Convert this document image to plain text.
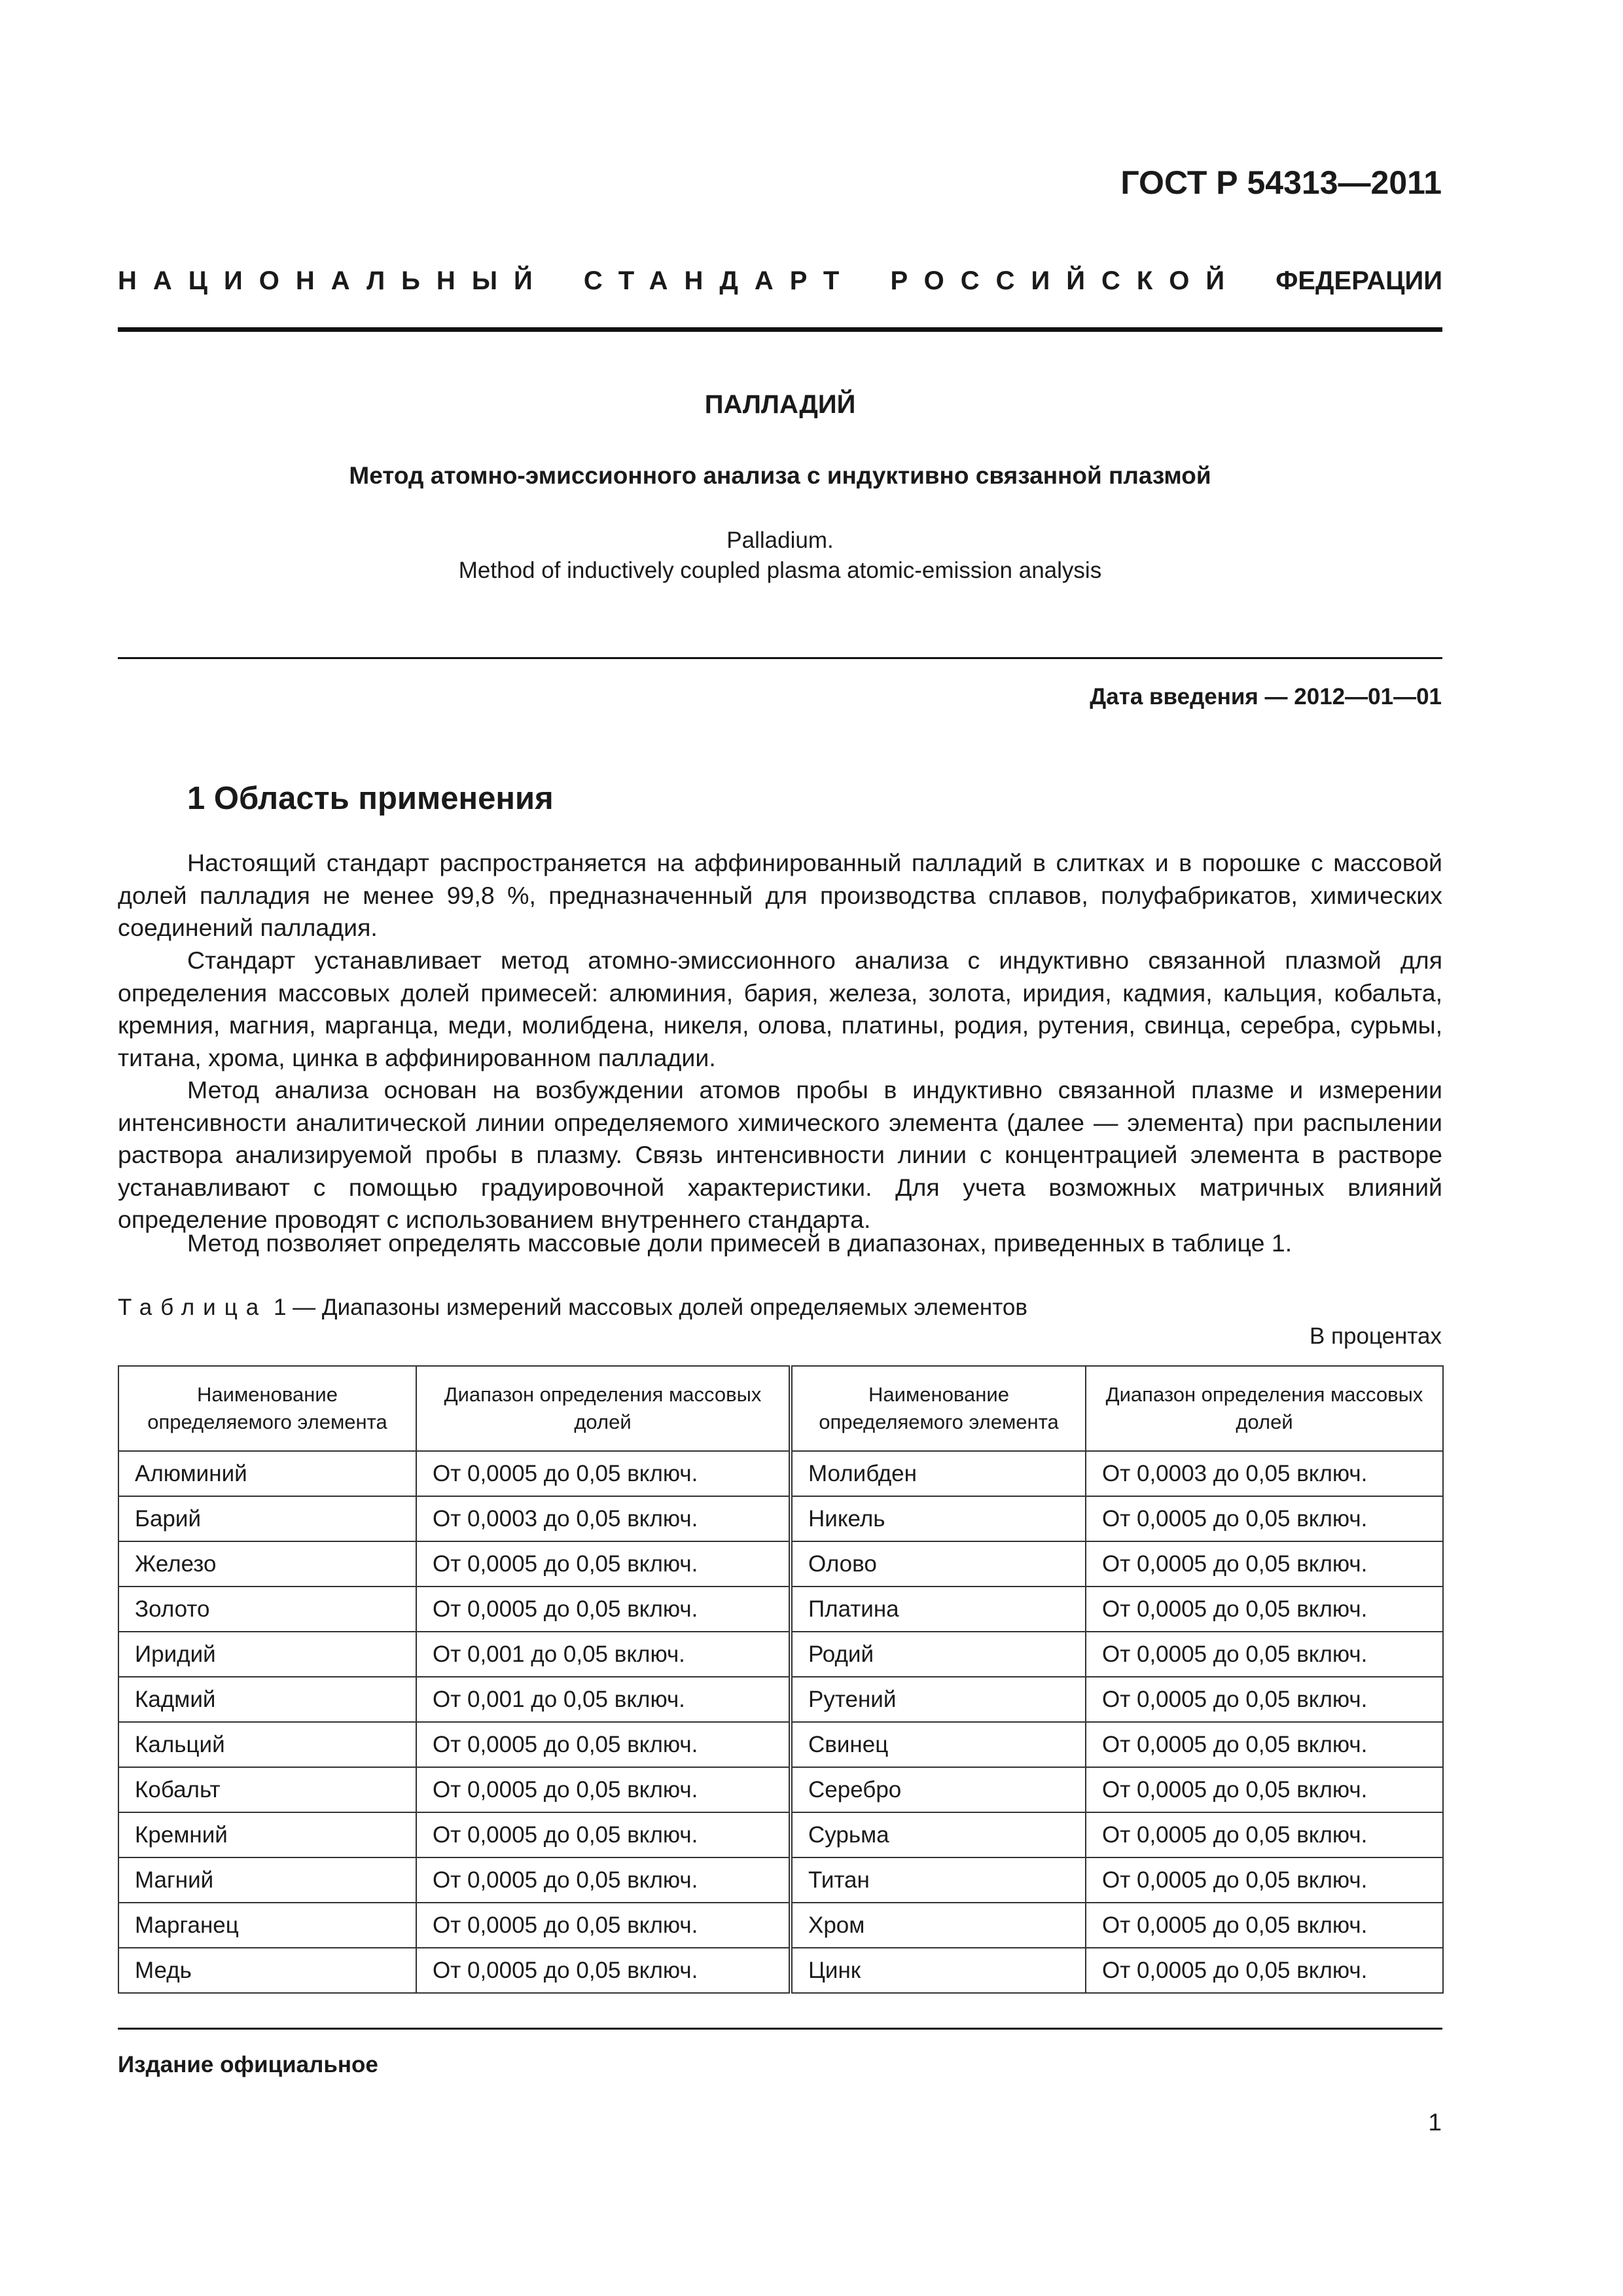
ГОСТ Р 54313—2011
НАЦИОНАЛЬНЫЙ СТАНДАРТ РОССИЙСКОЙ ФЕДЕРАЦИИ
ПАЛЛАДИЙ
Метод атомно-эмиссионного анализа с индуктивно связанной плазмой
Palladium.
Method of inductively coupled plasma atomic-emission analysis
Дата введения — 2012—01—01
1 Область применения

Настоящий стандарт распространяется на аффинированный палладий в слитках и в порошке с массовой долей палладия не менее 99,8 %, предназначенный для производства сплавов, полуфабрикатов, химических соединений палладия.

Стандарт устанавливает метод атомно-эмиссионного анализа с индуктивно связанной плазмой для определения массовых долей примесей: алюминия, бария, железа, золота, иридия, кадмия, кальция, кобальта, кремния, магния, марганца, меди, молибдена, никеля, олова, платины, родия, рутения, свинца, серебра, сурьмы, титана, хрома, цинка в аффинированном палладии.

Метод анализа основан на возбуждении атомов пробы в индуктивно связанной плазме и измерении интенсивности аналитической линии определяемого химического элемента (далее — элемента) при распылении раствора анализируемой пробы в плазму. Связь интенсивности линии с концентрацией элемента в растворе устанавливают с помощью градуировочной характеристики. Для учета возможных матричных влияний определение проводят с использованием внутреннего стандарта.

Метод позволяет определять массовые доли примесей в диапазонах, приведенных в таблице 1.

Таблица 1 — Диапазоны измерений массовых долей определяемых элементов
В процентах
Наименование определяемого элемента	Диапазон определения массовых долей	Наименование определяемого элемента	Диапазон определения массовых долей
Алюминий	От 0,0005 до 0,05 включ.	Молибден	От 0,0003 до 0,05 включ.
Барий	От 0,0003 до 0,05 включ.	Никель	От 0,0005 до 0,05 включ.
Железо	От 0,0005 до 0,05 включ.	Олово	От 0,0005 до 0,05 включ.
Золото	От 0,0005 до 0,05 включ.	Платина	От 0,0005 до 0,05 включ.
Иридий	От 0,001 до 0,05 включ.	Родий	От 0,0005 до 0,05 включ.
Кадмий	От 0,001 до 0,05 включ.	Рутений	От 0,0005 до 0,05 включ.
Кальций	От 0,0005 до 0,05 включ.	Свинец	От 0,0005 до 0,05 включ.
Кобальт	От 0,0005 до 0,05 включ.	Серебро	От 0,0005 до 0,05 включ.
Кремний	От 0,0005 до 0,05 включ.	Сурьма	От 0,0005 до 0,05 включ.
Магний	От 0,0005 до 0,05 включ.	Титан	От 0,0005 до 0,05 включ.
Марганец	От 0,0005 до 0,05 включ.	Хром	От 0,0005 до 0,05 включ.
Медь	От 0,0005 до 0,05 включ.	Цинк	От 0,0005 до 0,05 включ.
Издание официальное
1
